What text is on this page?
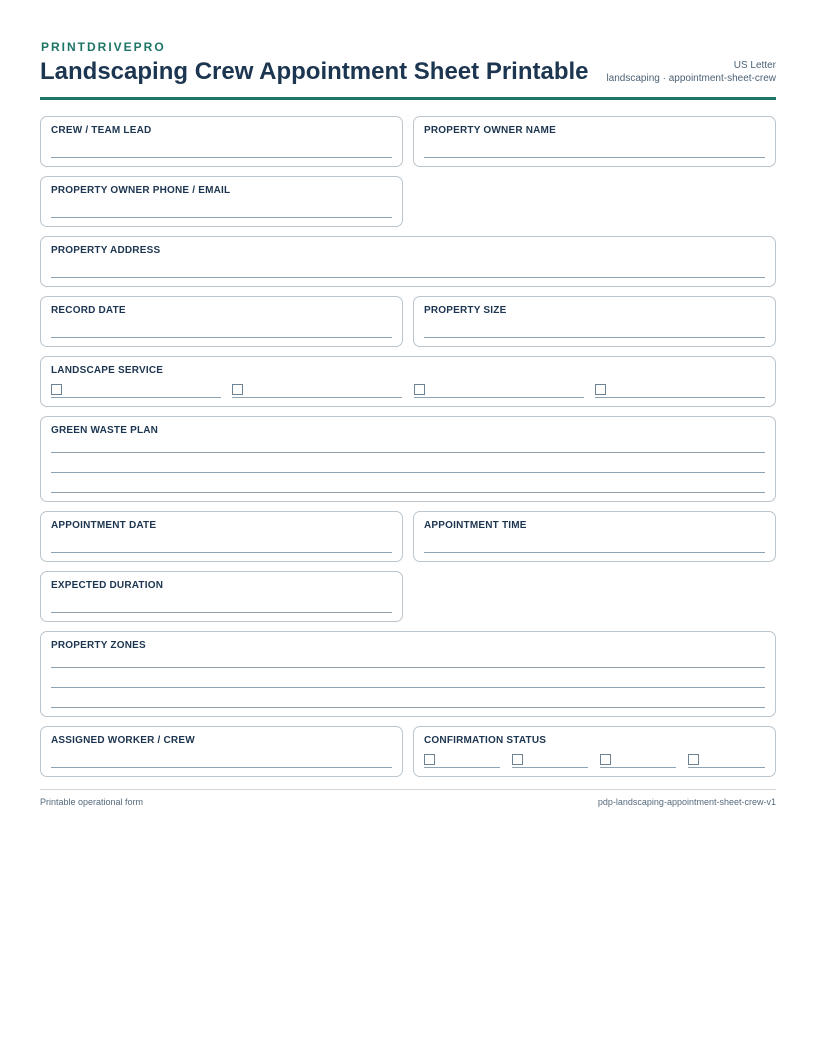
PRINTDRIVEPRO
Landscaping Crew Appointment Sheet Printable	US Letter
landscaping · appointment-sheet-crew
CREW / TEAM LEAD	PROPERTY OWNER NAME
PROPERTY OWNER PHONE / EMAIL
PROPERTY ADDRESS
RECORD DATE	PROPERTY SIZE
LANDSCAPE SERVICE
GREEN WASTE PLAN
APPOINTMENT DATE	APPOINTMENT TIME
EXPECTED DURATION
PROPERTY ZONES
ASSIGNED WORKER / CREW	CONFIRMATION STATUS
Printable operational form	pdp-landscaping-appointment-sheet-crew-v1
